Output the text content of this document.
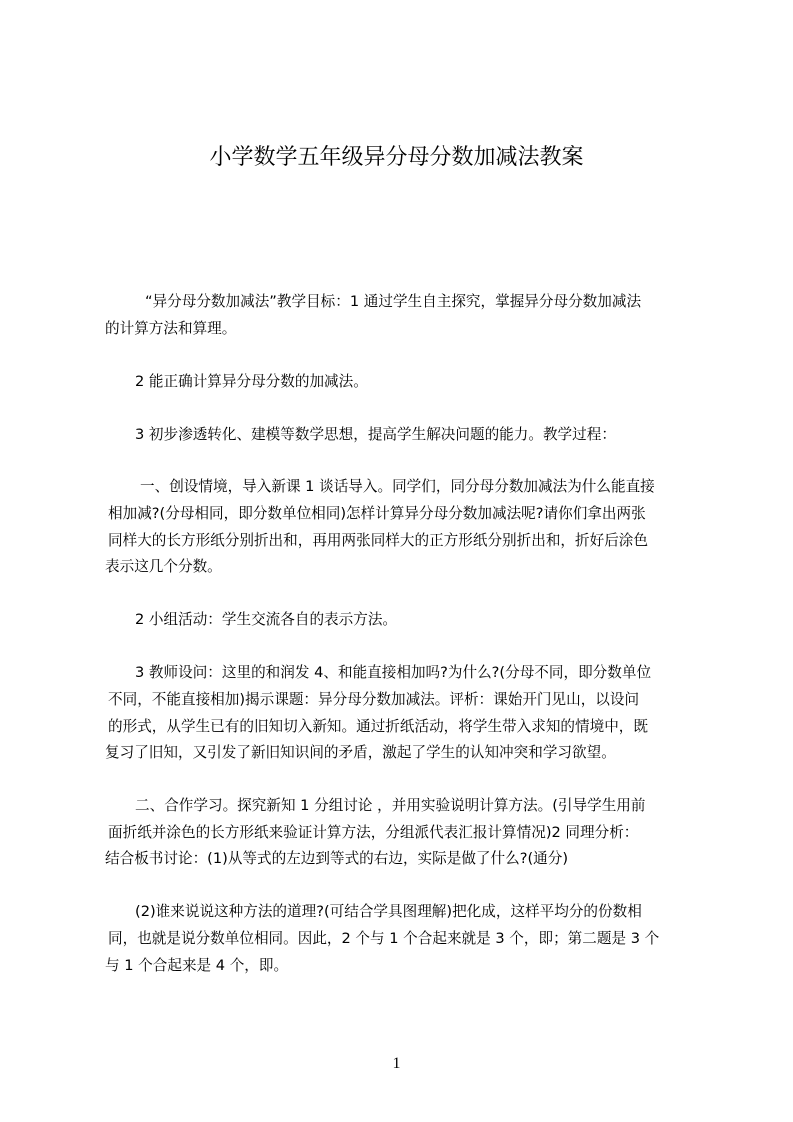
小学数学五年级异分母分数加减法教案
“异分母分数加减法”教学目标：1 通过学生自主探究，掌握异分母分数加减法
的计算方法和算理。
2 能正确计算异分母分数的加减法。
3 初步渗透转化、建模等数学思想，提高学生解决问题的能力。教学过程：
一、创设情境，导入新课 1 谈话导入。同学们，同分母分数加减法为什么能直接
相加减?(分母相同，即分数单位相同)怎样计算异分母分数加减法呢?请你们拿出两张
同样大的长方形纸分别折出和，再用两张同样大的正方形纸分别折出和，折好后涂色
表示这几个分数。
2 小组活动：学生交流各自的表示方法。
3 教师设问：这里的和润发 4、和能直接相加吗?为什么?(分母不同，即分数单位
不同，不能直接相加)揭示课题：异分母分数加减法。评析：课始开门见山，以设问
的形式，从学生已有的旧知切入新知。通过折纸活动，将学生带入求知的情境中，既
复习了旧知，又引发了新旧知识间的矛盾，激起了学生的认知冲突和学习欲望。
二、合作学习。探究新知 1 分组讨论 ，并用实验说明计算方法。(引导学生用前
面折纸并涂色的长方形纸来验证计算方法，分组派代表汇报计算情况)2 同理分析：
结合板书讨论：(1)从等式的左边到等式的右边，实际是做了什么?(通分)
(2)谁来说说这种方法的道理?(可结合学具图理解)把化成，这样平均分的份数相
同，也就是说分数单位相同。因此，2 个与 1 个合起来就是 3 个，即；第二题是 3 个
与 1 个合起来是 4 个，即。
1
